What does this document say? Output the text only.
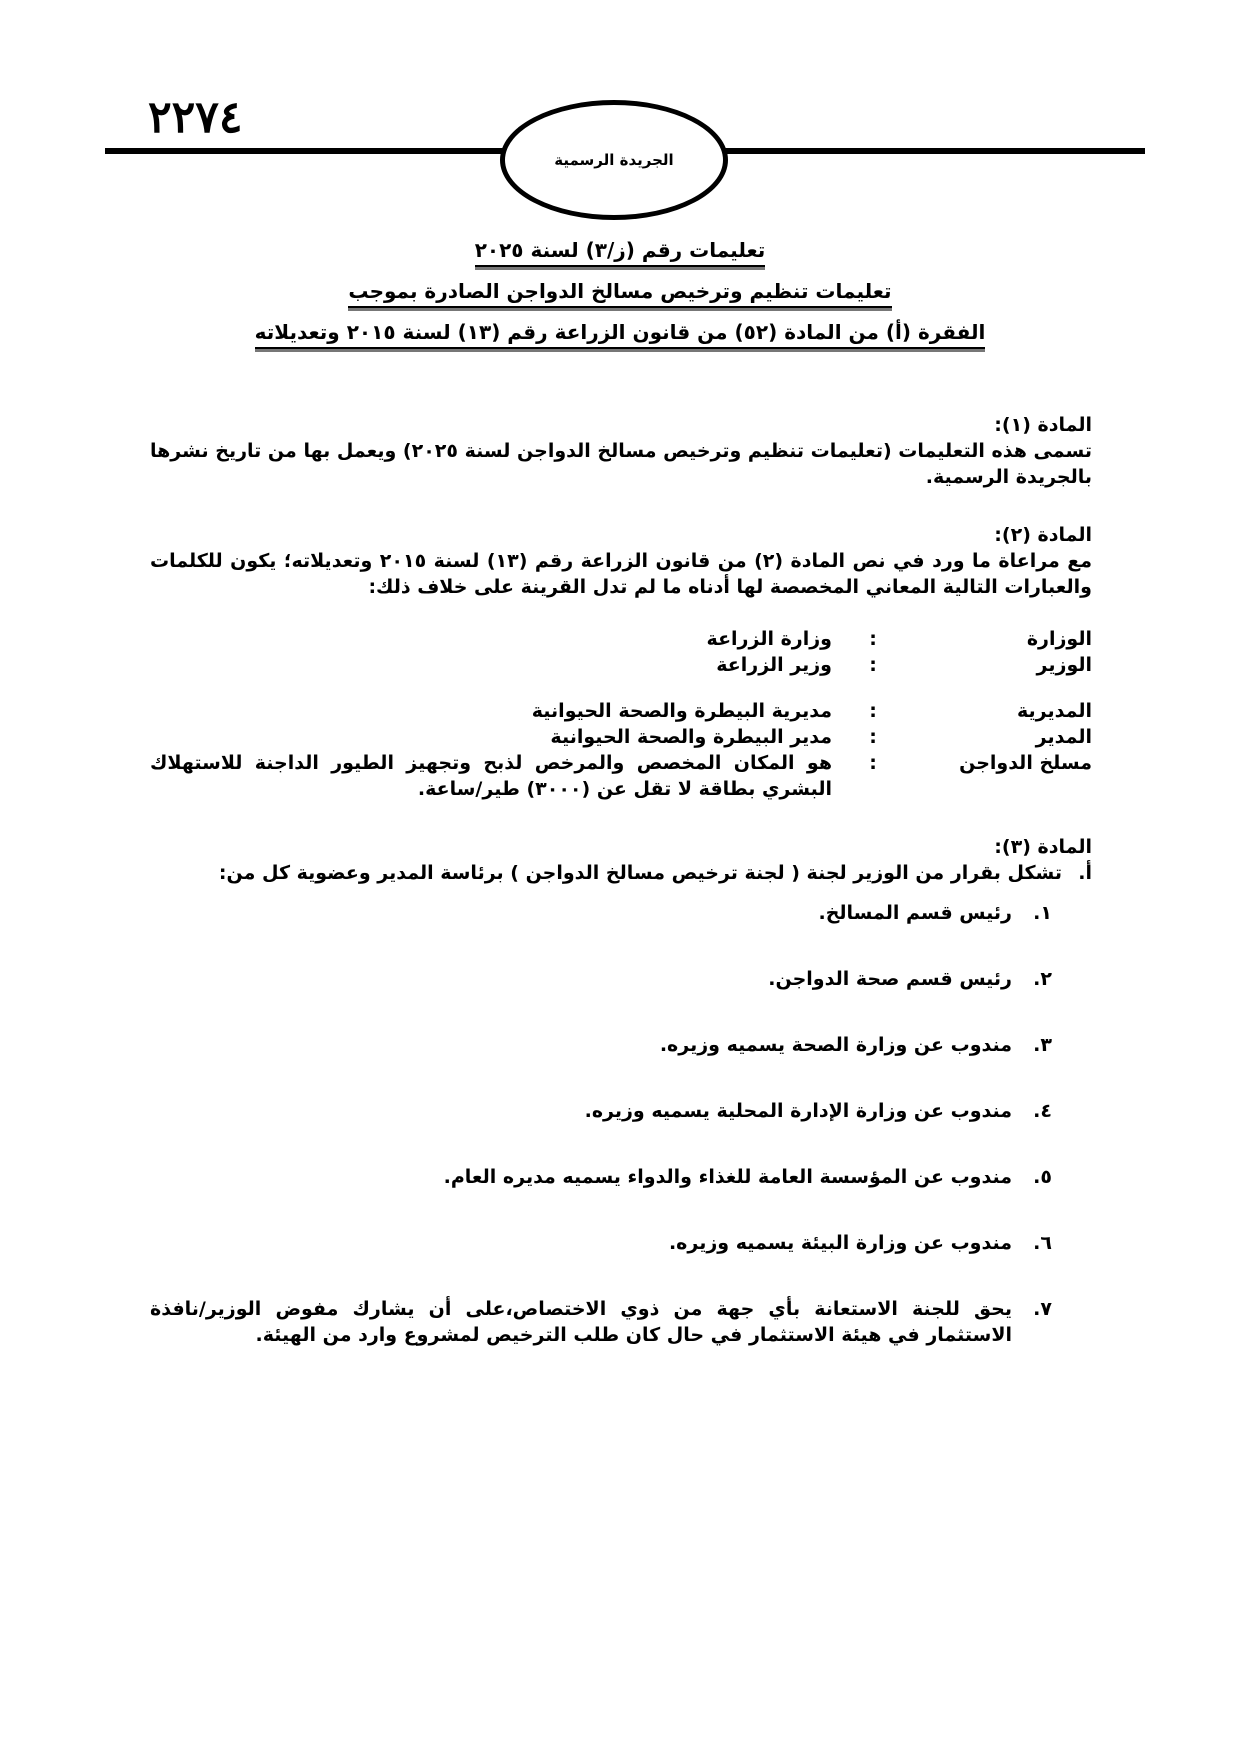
٢٢٧٤
الجريدة الرسمية
تعليمات رقم (ز/٣) لسنة ٢٠٢٥
تعليمات تنظيم وترخيص مسالخ الدواجن الصادرة بموجب
الفقرة (أ) من المادة (٥٢) من قانون الزراعة رقم (١٣) لسنة ٢٠١٥ وتعديلاته
المادة (١):
تسمى هذه التعليمات (تعليمات تنظيم وترخيص مسالخ الدواجن لسنة ٢٠٢٥) ويعمل بها من تاريخ نشرها بالجريدة الرسمية.
المادة (٢):
مع مراعاة ما ورد في نص المادة (٢) من قانون الزراعة رقم (١٣) لسنة ٢٠١٥ وتعديلاته؛ يكون للكلمات والعبارات التالية المعاني المخصصة لها أدناه ما لم تدل القرينة على خلاف ذلك:
الوزارة
:
وزارة الزراعة
الوزير
:
وزير الزراعة
المديرية
:
مديرية البيطرة والصحة الحيوانية
المدير
:
مدير البيطرة والصحة الحيوانية
مسلخ الدواجن
:
هو المكان المخصص والمرخص لذبح وتجهيز الطيور الداجنة للاستهلاك البشري بطاقة لا تقل عن (٣٠٠٠) طير/ساعة.
المادة (٣):
أ.
تشكل بقرار من الوزير لجنة ( لجنة ترخيص مسالخ الدواجن ) برئاسة المدير وعضوية كل من:
١.
رئيس قسم المسالخ.
٢.
رئيس قسم صحة الدواجن.
٣.
مندوب عن وزارة الصحة يسميه وزيره.
٤.
مندوب عن وزارة الإدارة المحلية يسميه وزيره.
٥.
مندوب عن المؤسسة العامة للغذاء والدواء يسميه مديره العام.
٦.
مندوب عن وزارة البيئة يسميه وزيره.
٧.
يحق للجنة الاستعانة بأي جهة من ذوي الاختصاص،على أن يشارك مفوض الوزير/نافذة الاستثمار في هيئة الاستثمار في حال كان طلب الترخيص لمشروع وارد من الهيئة.
